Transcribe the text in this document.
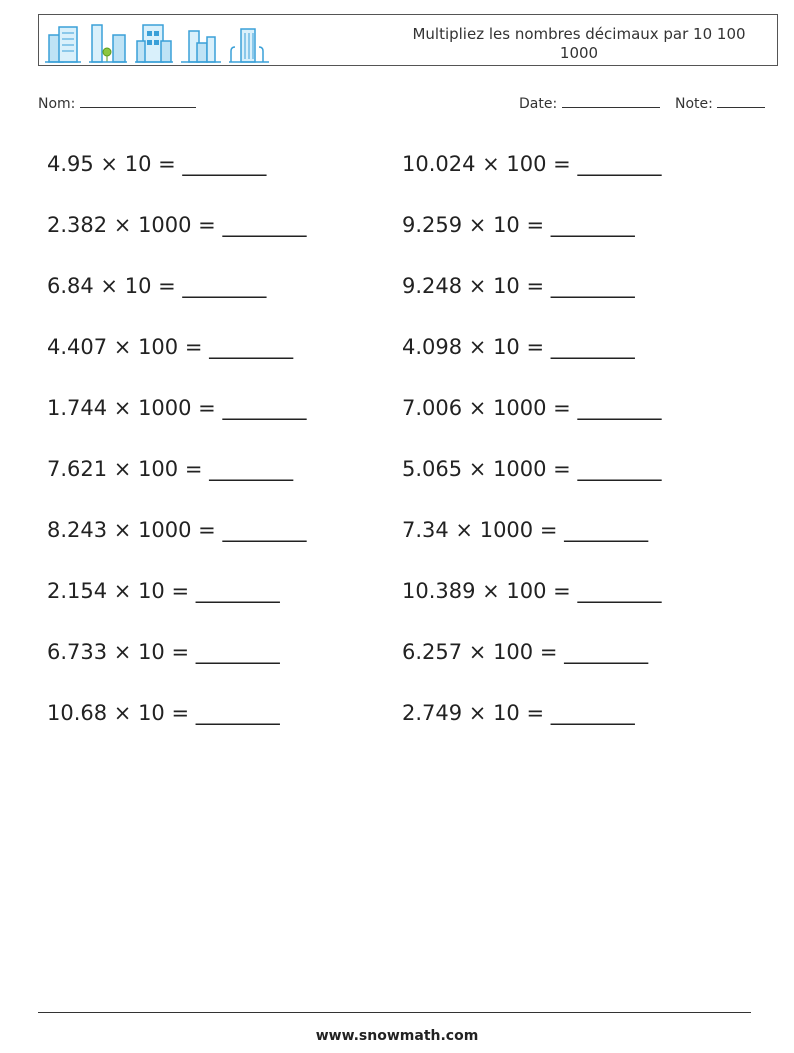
Multipliez les nombres décimaux par 10 100 1000
Nom:	Date:	Note:
4.95 × 10 = ________	10.024 × 100 = ________
2.382 × 1000 = ________	9.259 × 10 = ________
6.84 × 10 = ________	9.248 × 10 = ________
4.407 × 100 = ________	4.098 × 10 = ________
1.744 × 1000 = ________	7.006 × 1000 = ________
7.621 × 100 = ________	5.065 × 1000 = ________
8.243 × 1000 = ________	7.34 × 1000 = ________
2.154 × 10 = ________	10.389 × 100 = ________
6.733 × 10 = ________	6.257 × 100 = ________
10.68 × 10 = ________	2.749 × 10 = ________
www.snowmath.com
